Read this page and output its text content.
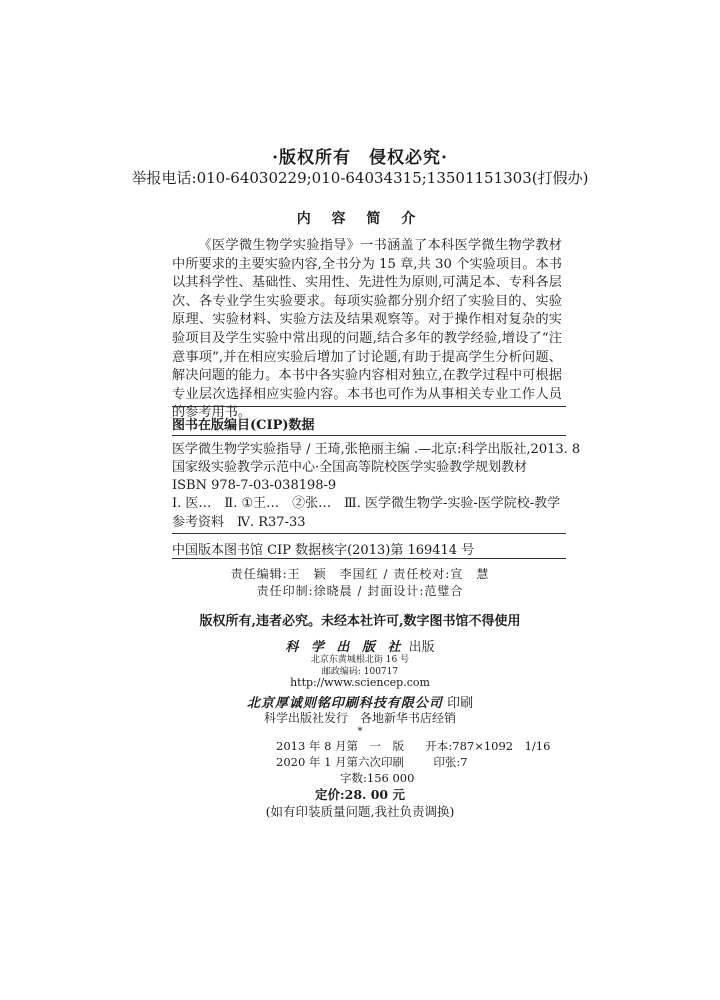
·版权所有　侵权必究·
举报电话:010-64030229;010-64034315;13501151303(打假办)
内 容 简 介

《医学微生物学实验指导》一书涵盖了本科医学微生物学教材中所要求的主要实验内容,全书分为 15 章,共 30 个实验项目。本书以其科学性、基础性、实用性、先进性为原则,可满足本、专科各层次、各专业学生实验要求。每项实验都分别介绍了实验目的、实验原理、实验材料、实验方法及结果观察等。对于操作相对复杂的实验项目及学生实验中常出现的问题,结合多年的教学经验,增设了“注意事项”,并在相应实验后增加了讨论题,有助于提高学生分析问题、解决问题的能力。本书中各实验内容相对独立,在教学过程中可根据专业层次选择相应实验内容。本书也可作为从事相关专业工作人员的参考用书。

图书在版编目(CIP)数据
医学微生物学实验指导 / 王琦,张艳丽主编 .—北京:科学出版社,2013. 8
国家级实验教学示范中心·全国高等院校医学实验教学规划教材
ISBN 978-7-03-038198-9
Ⅰ. 医…　Ⅱ. ①王…　②张…　Ⅲ. 医学微生物学-实验-医学院校-教学
参考资料　Ⅳ. R37-33
中国版本图书馆 CIP 数据核字(2013)第 169414 号
责任编辑:王　颖　李国红 / 责任校对:宣　慧
责任印制:徐晓晨 / 封面设计:范璧合
版权所有,违者必究。未经本社许可,数字图书馆不得使用
科 学 出 版 社 出版
北京东黄城根北街 16 号
邮政编码: 100717
http://www.sciencep.com
北京厚诚则铭印刷科技有限公司 印刷
科学出版社发行　各地新华书店经销
*
2013 年 8 月第　一　版 开本:787×1092　1/16
2020 年 1 月第六次印刷	印张:7
字数:156 000
定价:28. 00 元
(如有印装质量问题,我社负责调换)
